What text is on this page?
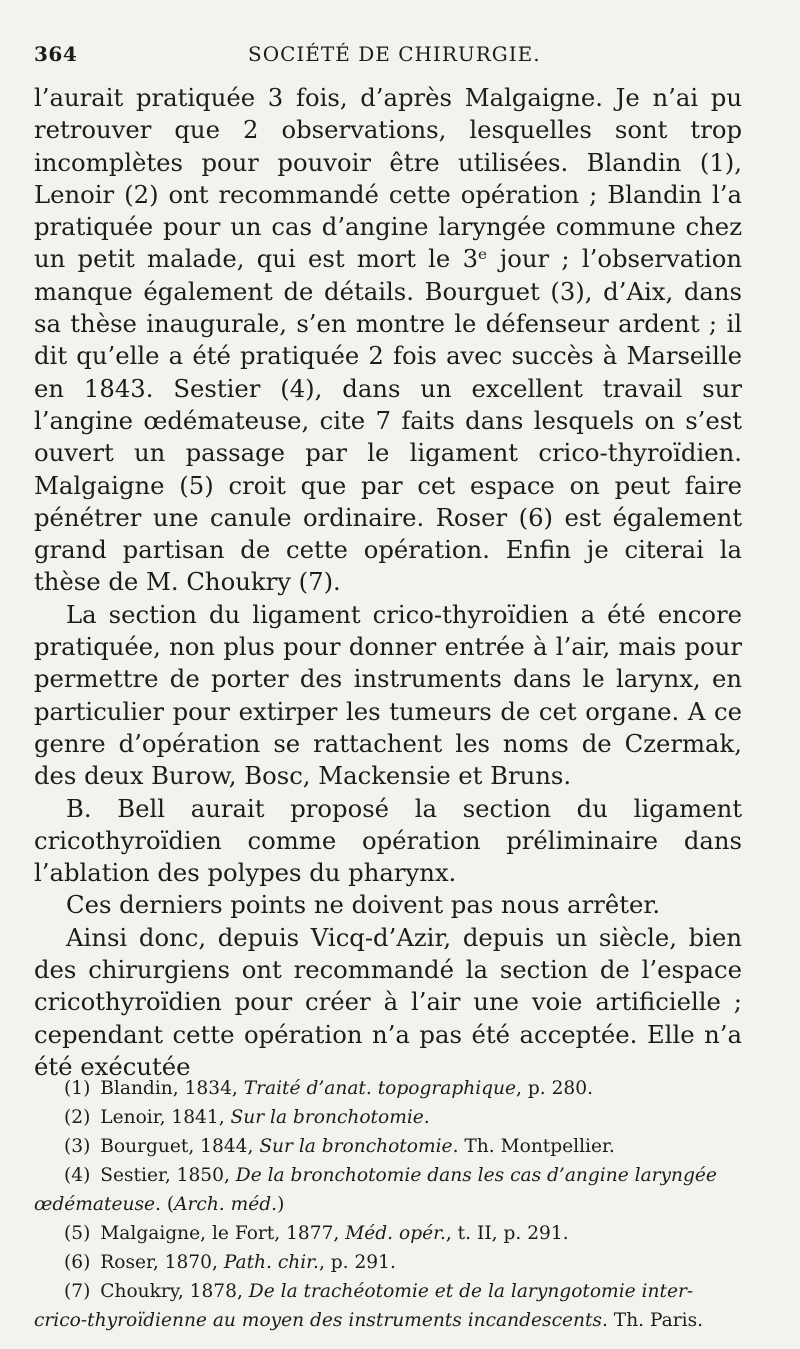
364	SOCIÉTÉ DE CHIRURGIE.

l’aurait pratiquée 3 fois, d’après Malgaigne. Je n’ai pu retrouver que 2 observations, lesquelles sont trop incomplètes pour pouvoir être utilisées. Blandin (1), Lenoir (2) ont recommandé cette opération ; Blandin l’a pratiquée pour un cas d’angine laryngée commune chez un petit malade, qui est mort le 3ᵉ jour ; l’observation manque également de détails. Bourguet (3), d’Aix, dans sa thèse inaugurale, s’en montre le défenseur ardent ; il dit qu’elle a été pratiquée 2 fois avec succès à Marseille en 1843. Sestier (4), dans un excellent travail sur l’angine œdémateuse, cite 7 faits dans lesquels on s’est ouvert un passage par le ligament crico-thyroïdien. Malgaigne (5) croit que par cet espace on peut faire pénétrer une canule ordinaire. Roser (6) est également grand partisan de cette opération. Enfin je citerai la thèse de M. Choukry (7).

La section du ligament crico-thyroïdien a été encore pratiquée, non plus pour donner entrée à l’air, mais pour permettre de porter des instruments dans le larynx, en particulier pour extirper les tumeurs de cet organe. A ce genre d’opération se rattachent les noms de Czermak, des deux Burow, Bosc, Mackensie et Bruns.

B. Bell aurait proposé la section du ligament cricothyroïdien comme opération préliminaire dans l’ablation des polypes du pharynx.

Ces derniers points ne doivent pas nous arrêter.

Ainsi donc, depuis Vicq-d’Azir, depuis un siècle, bien des chirurgiens ont recommandé la section de l’espace cricothyroïdien pour créer à l’air une voie artificielle ; cependant cette opération n’a pas été acceptée. Elle n’a été exécutée

(1) Blandin, 1834, Traité d’anat. topographique, p. 280.

(2) Lenoir, 1841, Sur la bronchotomie.

(3) Bourguet, 1844, Sur la bronchotomie. Th. Montpellier.

(4) Sestier, 1850, De la bronchotomie dans les cas d’angine laryngée

œdémateuse. (Arch. méd.)

(5) Malgaigne, le Fort, 1877, Méd. opér., t. II, p. 291.

(6) Roser, 1870, Path. chir., p. 291.

(7) Choukry, 1878, De la trachéotomie et de la laryngotomie inter-

crico-thyroïdienne au moyen des instruments incandescents. Th. Paris.
